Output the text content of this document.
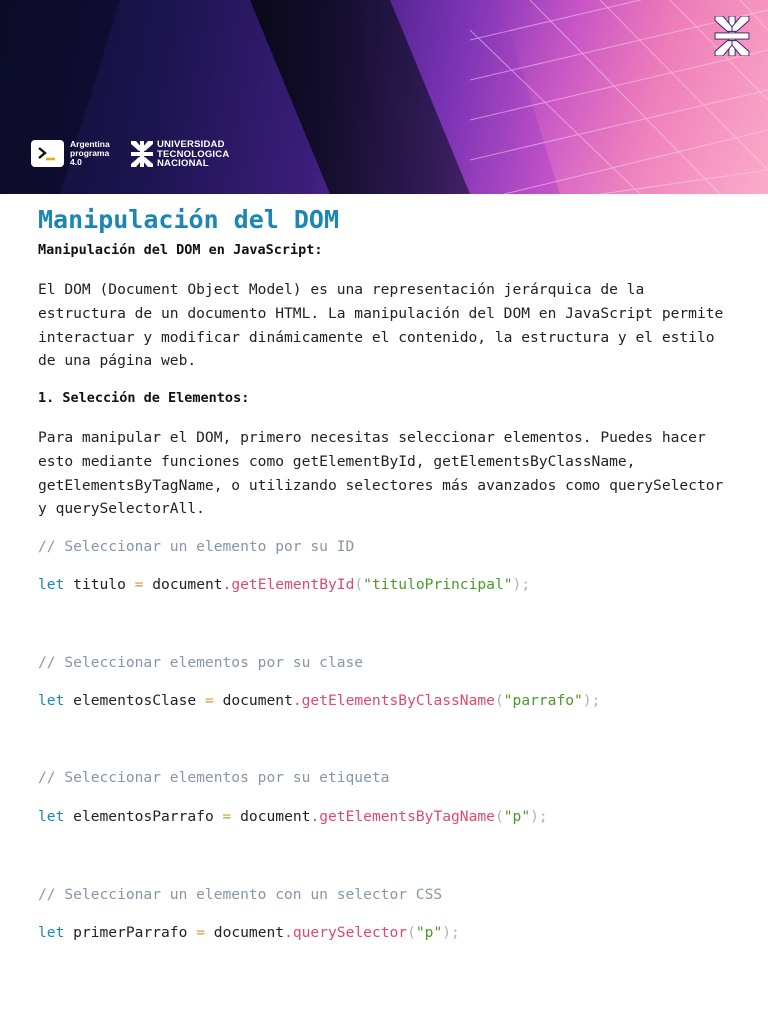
Argentina
programa
4.0
UNIVERSIDAD
TECNOLOGICA
NACIONAL
Manipulación del DOM

Manipulación del DOM en JavaScript:

El DOM (Document Object Model) es una representación jerárquica de la estructura de un documento HTML. La manipulación del DOM en JavaScript permite interactuar y modificar dinámicamente el contenido, la estructura y el estilo de una página web.

1. Selección de Elementos:

Para manipular el DOM, primero necesitas seleccionar elementos. Puedes hacer esto mediante funciones como getElementById, getElementsByClassName, getElementsByTagName, o utilizando selectores más avanzados como querySelector y querySelectorAll.

// Seleccionar un elemento por su ID

let titulo = document.getElementById("tituloPrincipal");

// Seleccionar elementos por su clase

let elementosClase = document.getElementsByClassName("parrafo");

// Seleccionar elementos por su etiqueta

let elementosParrafo = document.getElementsByTagName("p");

// Seleccionar un elemento con un selector CSS

let primerParrafo = document.querySelector("p");
